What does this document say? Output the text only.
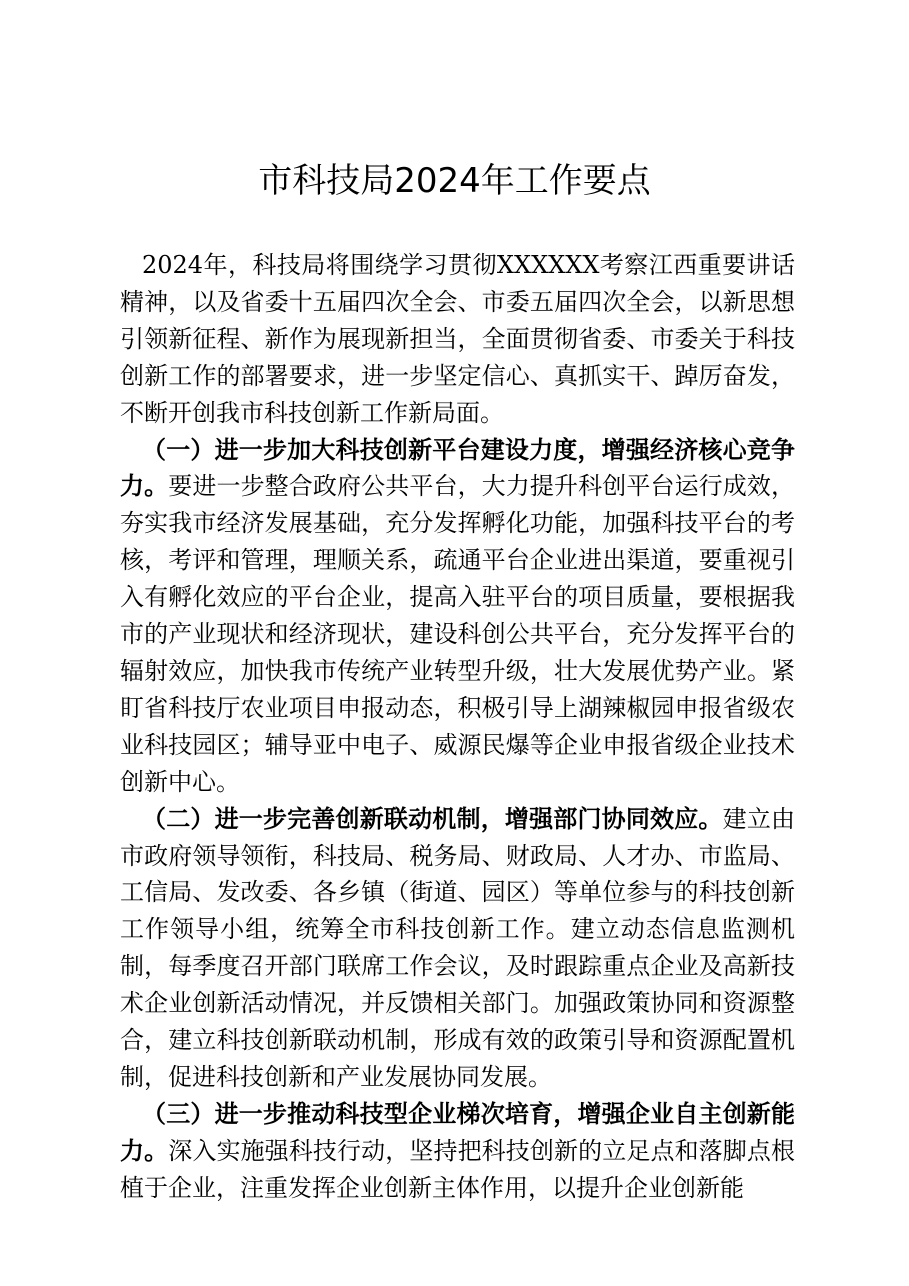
市科技局2024年工作要点

2024年，科技局将围绕学习贯彻XXXXXX考察江西重要讲话精神，以及省委十五届四次全会、市委五届四次全会，以新思想引领新征程、新作为展现新担当，全面贯彻省委、市委关于科技创新工作的部署要求，进一步坚定信心、真抓实干、踔厉奋发，不断开创我市科技创新工作新局面。

（一）进一步加大科技创新平台建设力度，增强经济核心竞争力。要进一步整合政府公共平台，大力提升科创平台运行成效，夯实我市经济发展基础，充分发挥孵化功能，加强科技平台的考核，考评和管理，理顺关系，疏通平台企业进出渠道，要重视引入有孵化效应的平台企业，提高入驻平台的项目质量，要根据我市的产业现状和经济现状，建设科创公共平台，充分发挥平台的辐射效应，加快我市传统产业转型升级，壮大发展优势产业。紧盯省科技厅农业项目申报动态，积极引导上湖辣椒园申报省级农业科技园区；辅导亚中电子、威源民爆等企业申报省级企业技术创新中心。

（二）进一步完善创新联动机制，增强部门协同效应。建立由市政府领导领衔，科技局、税务局、财政局、人才办、市监局、工信局、发改委、各乡镇（街道、园区）等单位参与的科技创新工作领导小组，统筹全市科技创新工作。建立动态信息监测机制，每季度召开部门联席工作会议，及时跟踪重点企业及高新技术企业创新活动情况，并反馈相关部门。加强政策协同和资源整合，建立科技创新联动机制，形成有效的政策引导和资源配置机制，促进科技创新和产业发展协同发展。

（三）进一步推动科技型企业梯次培育，增强企业自主创新能力。深入实施强科技行动，坚持把科技创新的立足点和落脚点根植于企业，注重发挥企业创新主体作用，以提升企业创新能
